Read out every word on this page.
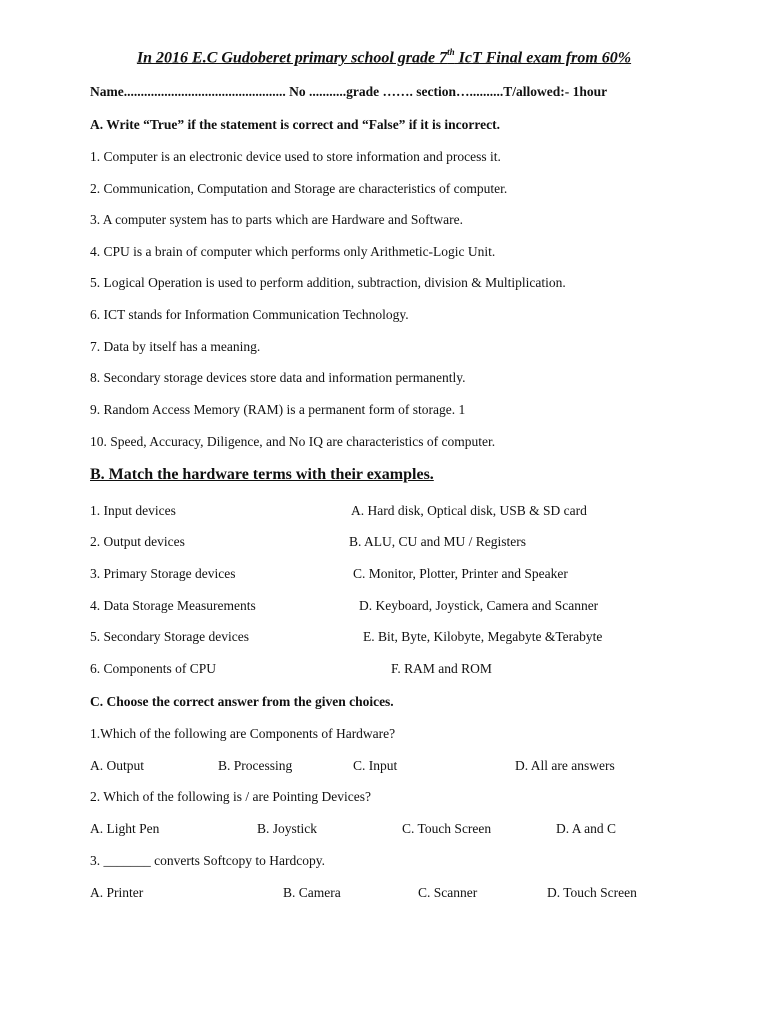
In 2016 E.C Gudoberet primary school grade 7th IcT Final exam from 60%
Name................................................ No ...........grade ……. section…..........T/allowed:- 1hour
A. Write “True” if the statement is correct and “False” if it is incorrect.
1. Computer is an electronic device used to store information and process it.
2. Communication, Computation and Storage are characteristics of computer.
3. A computer system has to parts which are Hardware and Software.
4. CPU is a brain of computer which performs only Arithmetic-Logic Unit.
5. Logical Operation is used to perform addition, subtraction, division & Multiplication.
6. ICT stands for Information Communication Technology.
7. Data by itself has a meaning.
8. Secondary storage devices store data and information permanently.
9. Random Access Memory (RAM) is a permanent form of storage. 1
10. Speed, Accuracy, Diligence, and No IQ are characteristics of computer.
B. Match the hardware terms with their examples.
1. Input devices	A. Hard disk, Optical disk, USB & SD card
2. Output devices	B. ALU, CU and MU / Registers
3. Primary Storage devices	C. Monitor, Plotter, Printer and Speaker
4. Data Storage Measurements	D. Keyboard, Joystick, Camera and Scanner
5. Secondary Storage devices	E. Bit, Byte, Kilobyte, Megabyte &Terabyte
6. Components of CPU	F. RAM and ROM
C. Choose the correct answer from the given choices.
1.Which of the following are Components of Hardware?
A. Output	B. Processing	C. Input	D. All are answers
2. Which of the following is / are Pointing Devices?
A. Light Pen	B. Joystick	C. Touch Screen	D. A and C
3. _______ converts Softcopy to Hardcopy.
A. Printer	B. Camera	C. Scanner	D. Touch Screen
